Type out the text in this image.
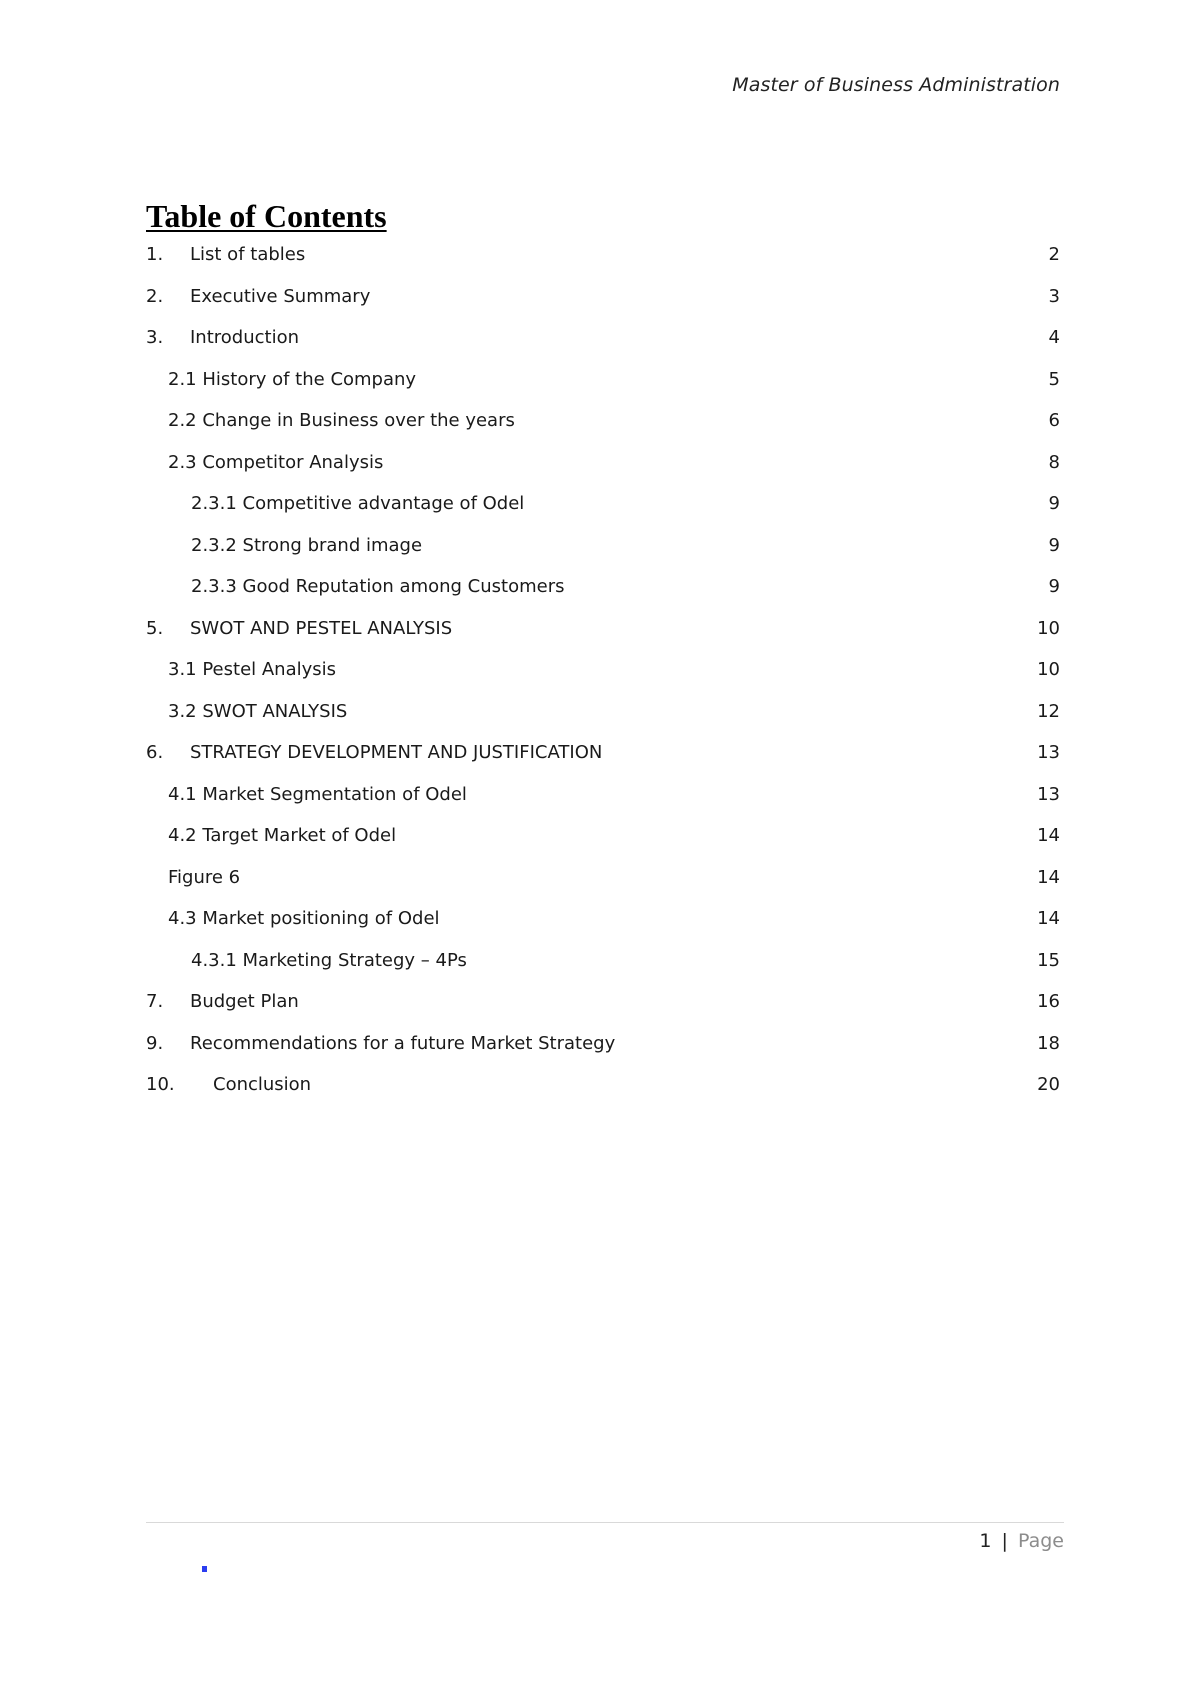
Master of Business Administration
Table of Contents
1.	List of tables	2
2.	Executive Summary	3
3.	Introduction	4
2.1 History of the Company	5
2.2 Change in Business over the years	6
2.3 Competitor Analysis	8
2.3.1 Competitive advantage of Odel	9
2.3.2 Strong brand image	9
2.3.3 Good Reputation among Customers	9
5.	SWOT AND PESTEL ANALYSIS	10
3.1 Pestel Analysis	10
3.2 SWOT ANALYSIS	12
6.	STRATEGY DEVELOPMENT AND JUSTIFICATION	13
4.1 Market Segmentation of Odel	13
4.2 Target Market of Odel	14
Figure 6	14
4.3 Market positioning of Odel	14
4.3.1 Marketing Strategy – 4Ps	15
7.	Budget Plan	16
9.	Recommendations for a future Market Strategy	18
10.	Conclusion	20
1 | Page
